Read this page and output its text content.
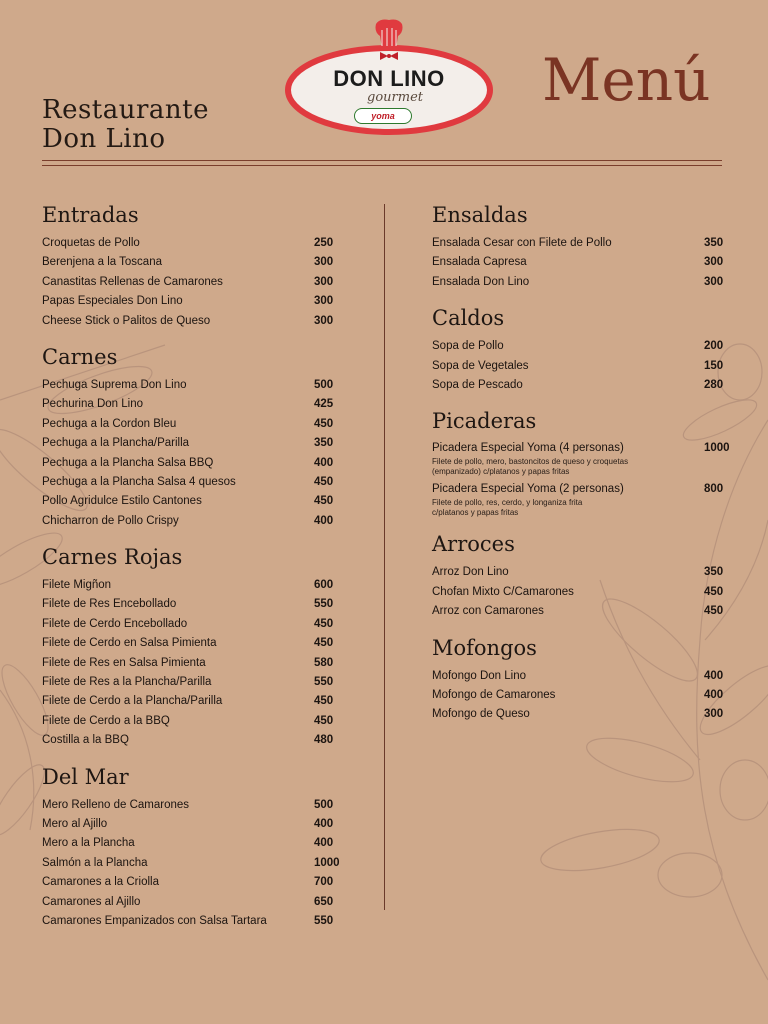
Restaurante
Don Lino
DON LINO
gourmet
yoma
Menú
Entradas
Croquetas de Pollo	250
Berenjena a la Toscana	300
Canastitas Rellenas de Camarones	300
Papas Especiales Don Lino	300
Cheese Stick o Palitos de Queso	300
Carnes
Pechuga Suprema Don Lino	500
Pechurina Don Lino	425
Pechuga a la Cordon Bleu	450
Pechuga a la Plancha/Parilla	350
Pechuga a la Plancha Salsa BBQ	400
Pechuga a la Plancha Salsa 4 quesos	450
Pollo Agridulce Estilo Cantones	450
Chicharron de Pollo Crispy	400
Carnes Rojas
Filete Migñon	600
Filete de Res Encebollado	550
Filete de Cerdo Encebollado	450
Filete de Cerdo en Salsa Pimienta	450
Filete de Res en Salsa Pimienta	580
Filete de Res a la Plancha/Parilla	550
Filete de Cerdo a la Plancha/Parilla	450
Filete de Cerdo a la BBQ	450
Costilla a la BBQ	480
Del Mar
Mero Relleno de Camarones	500
Mero al Ajillo	400
Mero a la Plancha	400
Salmón a la Plancha	1000
Camarones a la Criolla	700
Camarones al Ajillo	650
Camarones Empanizados con Salsa Tartara	550
Ensaldas
Ensalada Cesar con Filete de Pollo	350
Ensalada Capresa	300
Ensalada Don Lino	300
Caldos
Sopa de Pollo	200
Sopa de Vegetales	150
Sopa de Pescado	280
Picaderas
Picadera Especial Yoma (4 personas)	1000
Filete de pollo, mero, bastoncitos de queso y croquetas
(empanizado) c/platanos y papas fritas
Picadera Especial Yoma (2 personas)	800
Filete de pollo, res, cerdo, y longaniza frita
c/platanos y papas fritas
Arroces
Arroz Don Lino	350
Chofan Mixto C/Camarones	450
Arroz con Camarones	450
Mofongos
Mofongo Don Lino	400
Mofongo de Camarones	400
Mofongo de Queso	300
